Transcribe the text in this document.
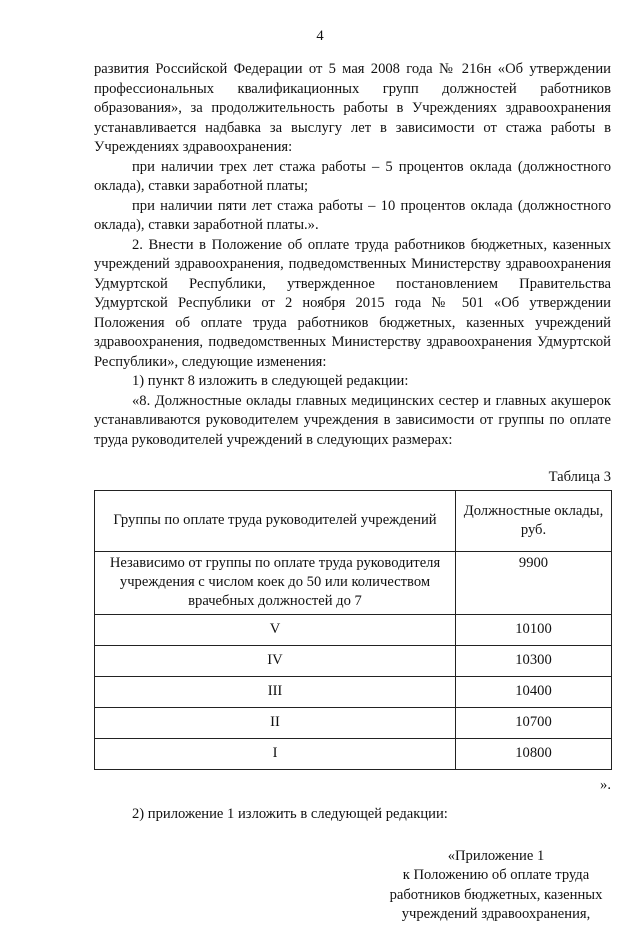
4

развития Российской Федерации от 5 мая 2008 года № 216н «Об утверждении профессиональных квалификационных групп должностей работников образования», за продолжительность работы в Учреждениях здравоохранения устанавливается надбавка за выслугу лет в зависимости от стажа работы в Учреждениях здравоохранения:

при наличии трех лет стажа работы – 5 процентов оклада (должностного оклада), ставки заработной платы;

при наличии пяти лет стажа работы – 10 процентов оклада (должностного оклада), ставки заработной платы.».

2. Внести в Положение об оплате труда работников бюджетных, казенных учреждений здравоохранения, подведомственных Министерству здравоохранения Удмуртской Республики, утвержденное постановлением Правительства Удмуртской Республики от 2 ноября 2015 года № 501 «Об утверждении Положения об оплате труда работников бюджетных, казенных учреждений здравоохранения, подведомственных Министерству здравоохранения Удмуртской Республики», следующие изменения:

1) пункт 8 изложить в следующей редакции:

«8. Должностные оклады главных медицинских сестер и главных акушерок устанавливаются руководителем учреждения в зависимости от группы по оплате труда руководителей учреждений в следующих размерах:

Таблица 3
Группы по оплате труда руководителей учреждений	Должностные оклады, руб.
Независимо от группы по оплате труда руководителя учреждения с числом коек до 50 или количеством врачебных должностей до 7	9900
V	10100
IV	10300
III	10400
II	10700
I	10800
».

2) приложение 1 изложить в следующей редакции:

«Приложение 1
к Положению об оплате труда
работников бюджетных, казенных
учреждений здравоохранения,
